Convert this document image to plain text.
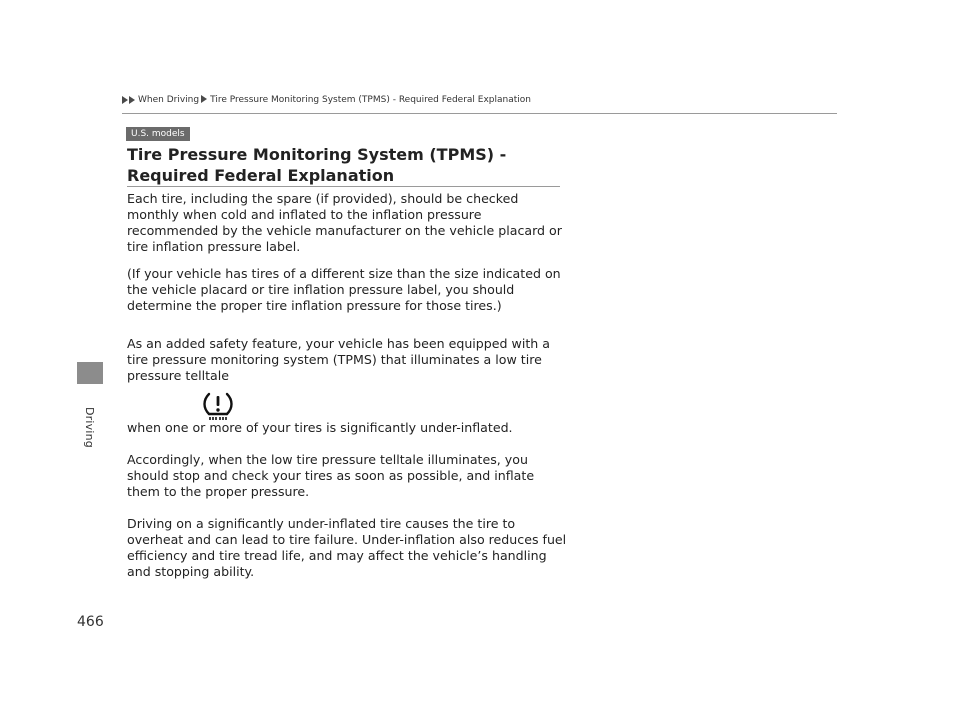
Driving
466
When Driving Tire Pressure Monitoring System (TPMS) - Required Federal Explanation
U.S. models
Tire Pressure Monitoring System (TPMS) - Required Federal Explanation

Each tire, including the spare (if provided), should be checked monthly when cold and inflated to the inflation pressure recommended by the vehicle manufacturer on the vehicle placard or tire inflation pressure label.

(If your vehicle has tires of a different size than the size indicated on the vehicle placard or tire inflation pressure label, you should determine the proper tire inflation pressure for those tires.)

As an added safety feature, your vehicle has been equipped with a tire pressure monitoring system (TPMS) that illuminates a low tire pressure telltale

when one or more of your tires is significantly under-inflated.

Accordingly, when the low tire pressure telltale illuminates, you should stop and check your tires as soon as possible, and inflate them to the proper pressure.

Driving on a significantly under-inflated tire causes the tire to overheat and can lead to tire failure. Under-inflation also reduces fuel efficiency and tire tread life, and may affect the vehicle’s handling and stopping ability.
